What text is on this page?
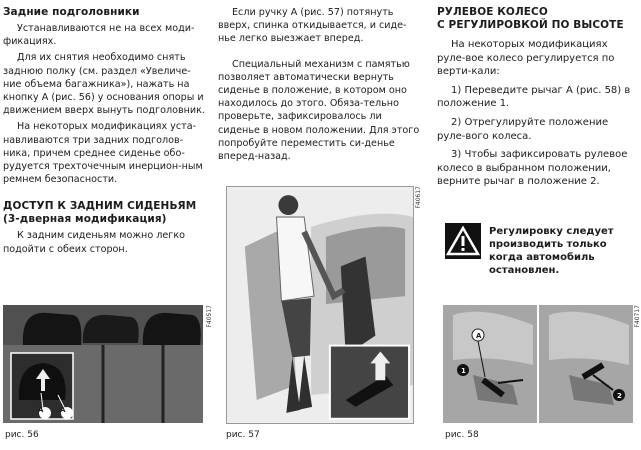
Задние подголовники
Устанавливаются не на всех моди-фикациях.
Для их снятия необходимо снять заднюю полку (см. раздел «Увеличе-ние объема багажника»), нажать на кнопку А (рис. 56) у основания опоры и движением вверх вынуть подголовник.
На некоторых модификациях уста-навливаются три задних подголов-ника, причем среднее сиденье обо-рудуется трехточечным инерцион-ным ремнем безопасности.
ДОСТУП К ЗАДНИМ СИДЕНЬЯМ
(3-дверная модификация)
К задним сиденьям можно легко подойти с обеих сторон.
F40517
рис. 56
A A
Если ручку А (рис. 57) потянуть вверх, спинка откидывается, и сиде-нье легко выезжает вперед.
Специальный механизм с памятью позволяет автоматически вернуть сиденье в положение, в котором оно находилось до этого. Обяза-тельно проверьте, зафиксировалось ли сиденье в новом положении. Для этого попробуйте переместить си-денье вперед-назад.
F40617
рис. 57
РУЛЕВОЕ КОЛЕСО
С РЕГУЛИРОВКОЙ ПО ВЫСОТЕ
На некоторых модификациях руле-вое колесо регулируется по верти-кали:
1) Переведите рычаг А (рис. 58) в положение 1.
2) Отрегулируйте положение руле-вого колеса.
3) Чтобы зафиксировать рулевое колесо в выбранном положении, верните рычаг в положение 2.
Регулировку следует производить только когда автомобиль остановлен.
A
1
2
F40717
рис. 58
